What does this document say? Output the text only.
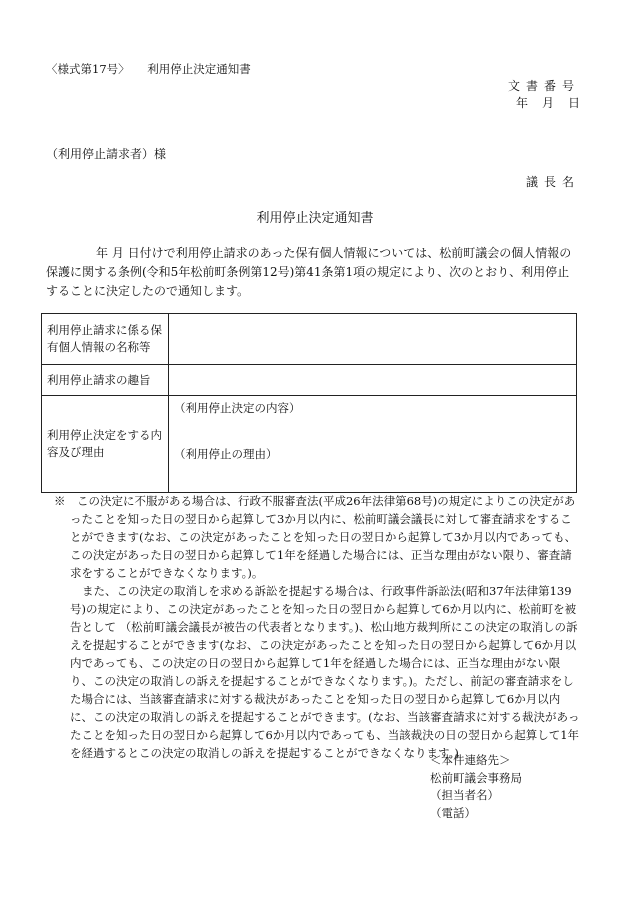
〈様式第17号〉 利用停止決定通知書
文書番号
年 月 日
（利用停止請求者）様
議長名
利用停止決定通知書

年 月 日付けで利用停止請求のあった保有個人情報については、松前町議会の個人情報の保護に関する条例(令和5年松前町条例第12号)第41条第1項の規定により、次のとおり、利用停止することに決定したので通知します。

利用停止請求に係る保有個人情報の名称等	
利用停止請求の趣旨	
利用停止決定をする内容及び理由	（利用停止決定の内容）
（利用停止の理由）

※　この決定に不服がある場合は、行政不服審査法(平成26年法律第68号)の規定によりこの決定があったことを知った日の翌日から起算して3か月以内に、松前町議会議長に対して審査請求をすることができます(なお、この決定があったことを知った日の翌日から起算して3か月以内であっても、この決定があった日の翌日から起算して1年を経過した場合には、正当な理由がない限り、審査請求をすることができなくなります。)。

また、この決定の取消しを求める訴訟を提起する場合は、行政事件訴訟法(昭和37年法律第139号)の規定により、この決定があったことを知った日の翌日から起算して6か月以内に、松前町を被告として （松前町議会議長が被告の代表者となります。)、松山地方裁判所にこの決定の取消しの訴えを提起することができます(なお、この決定があったことを知った日の翌日から起算して6か月以内であっても、この決定の日の翌日から起算して1年を経過した場合には、正当な理由がない限り、この決定の取消しの訴えを提起することができなくなります。)。ただし、前記の審査請求をした場合には、当該審査請求に対する裁決があったことを知った日の翌日から起算して6か月以内に、この決定の取消しの訴えを提起することができます。(なお、当該審査請求に対する裁決があったことを知った日の翌日から起算して6か月以内であっても、当該裁決の日の翌日から起算して1年を経過するとこの決定の取消しの訴えを提起することができなくなります。)

＜本件連絡先＞
松前町議会事務局
（担当者名）
（電話）
